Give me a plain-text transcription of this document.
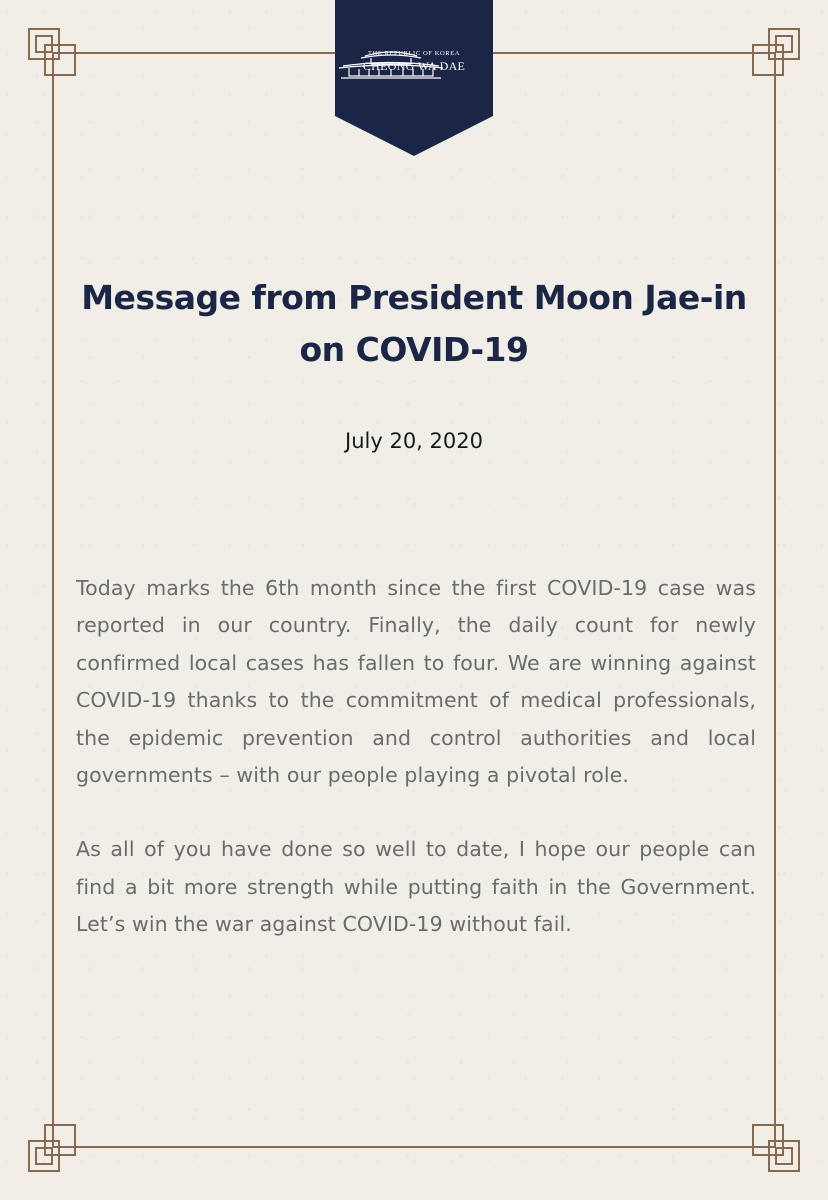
THE REPUBLIC OF KOREA
CHEONG WA DAE
Message from President Moon Jae-in on COVID-19
July 20, 2020

Today marks the 6th month since the first COVID-19 case was reported in our country. Finally, the daily count for newly confirmed local cases has fallen to four. We are winning against COVID-19 thanks to the commitment of medical professionals, the epidemic prevention and control authorities and local governments – with our people playing a pivotal role.

As all of you have done so well to date, I hope our people can find a bit more strength while putting faith in the Government. Let’s win the war against COVID-19 without fail.
